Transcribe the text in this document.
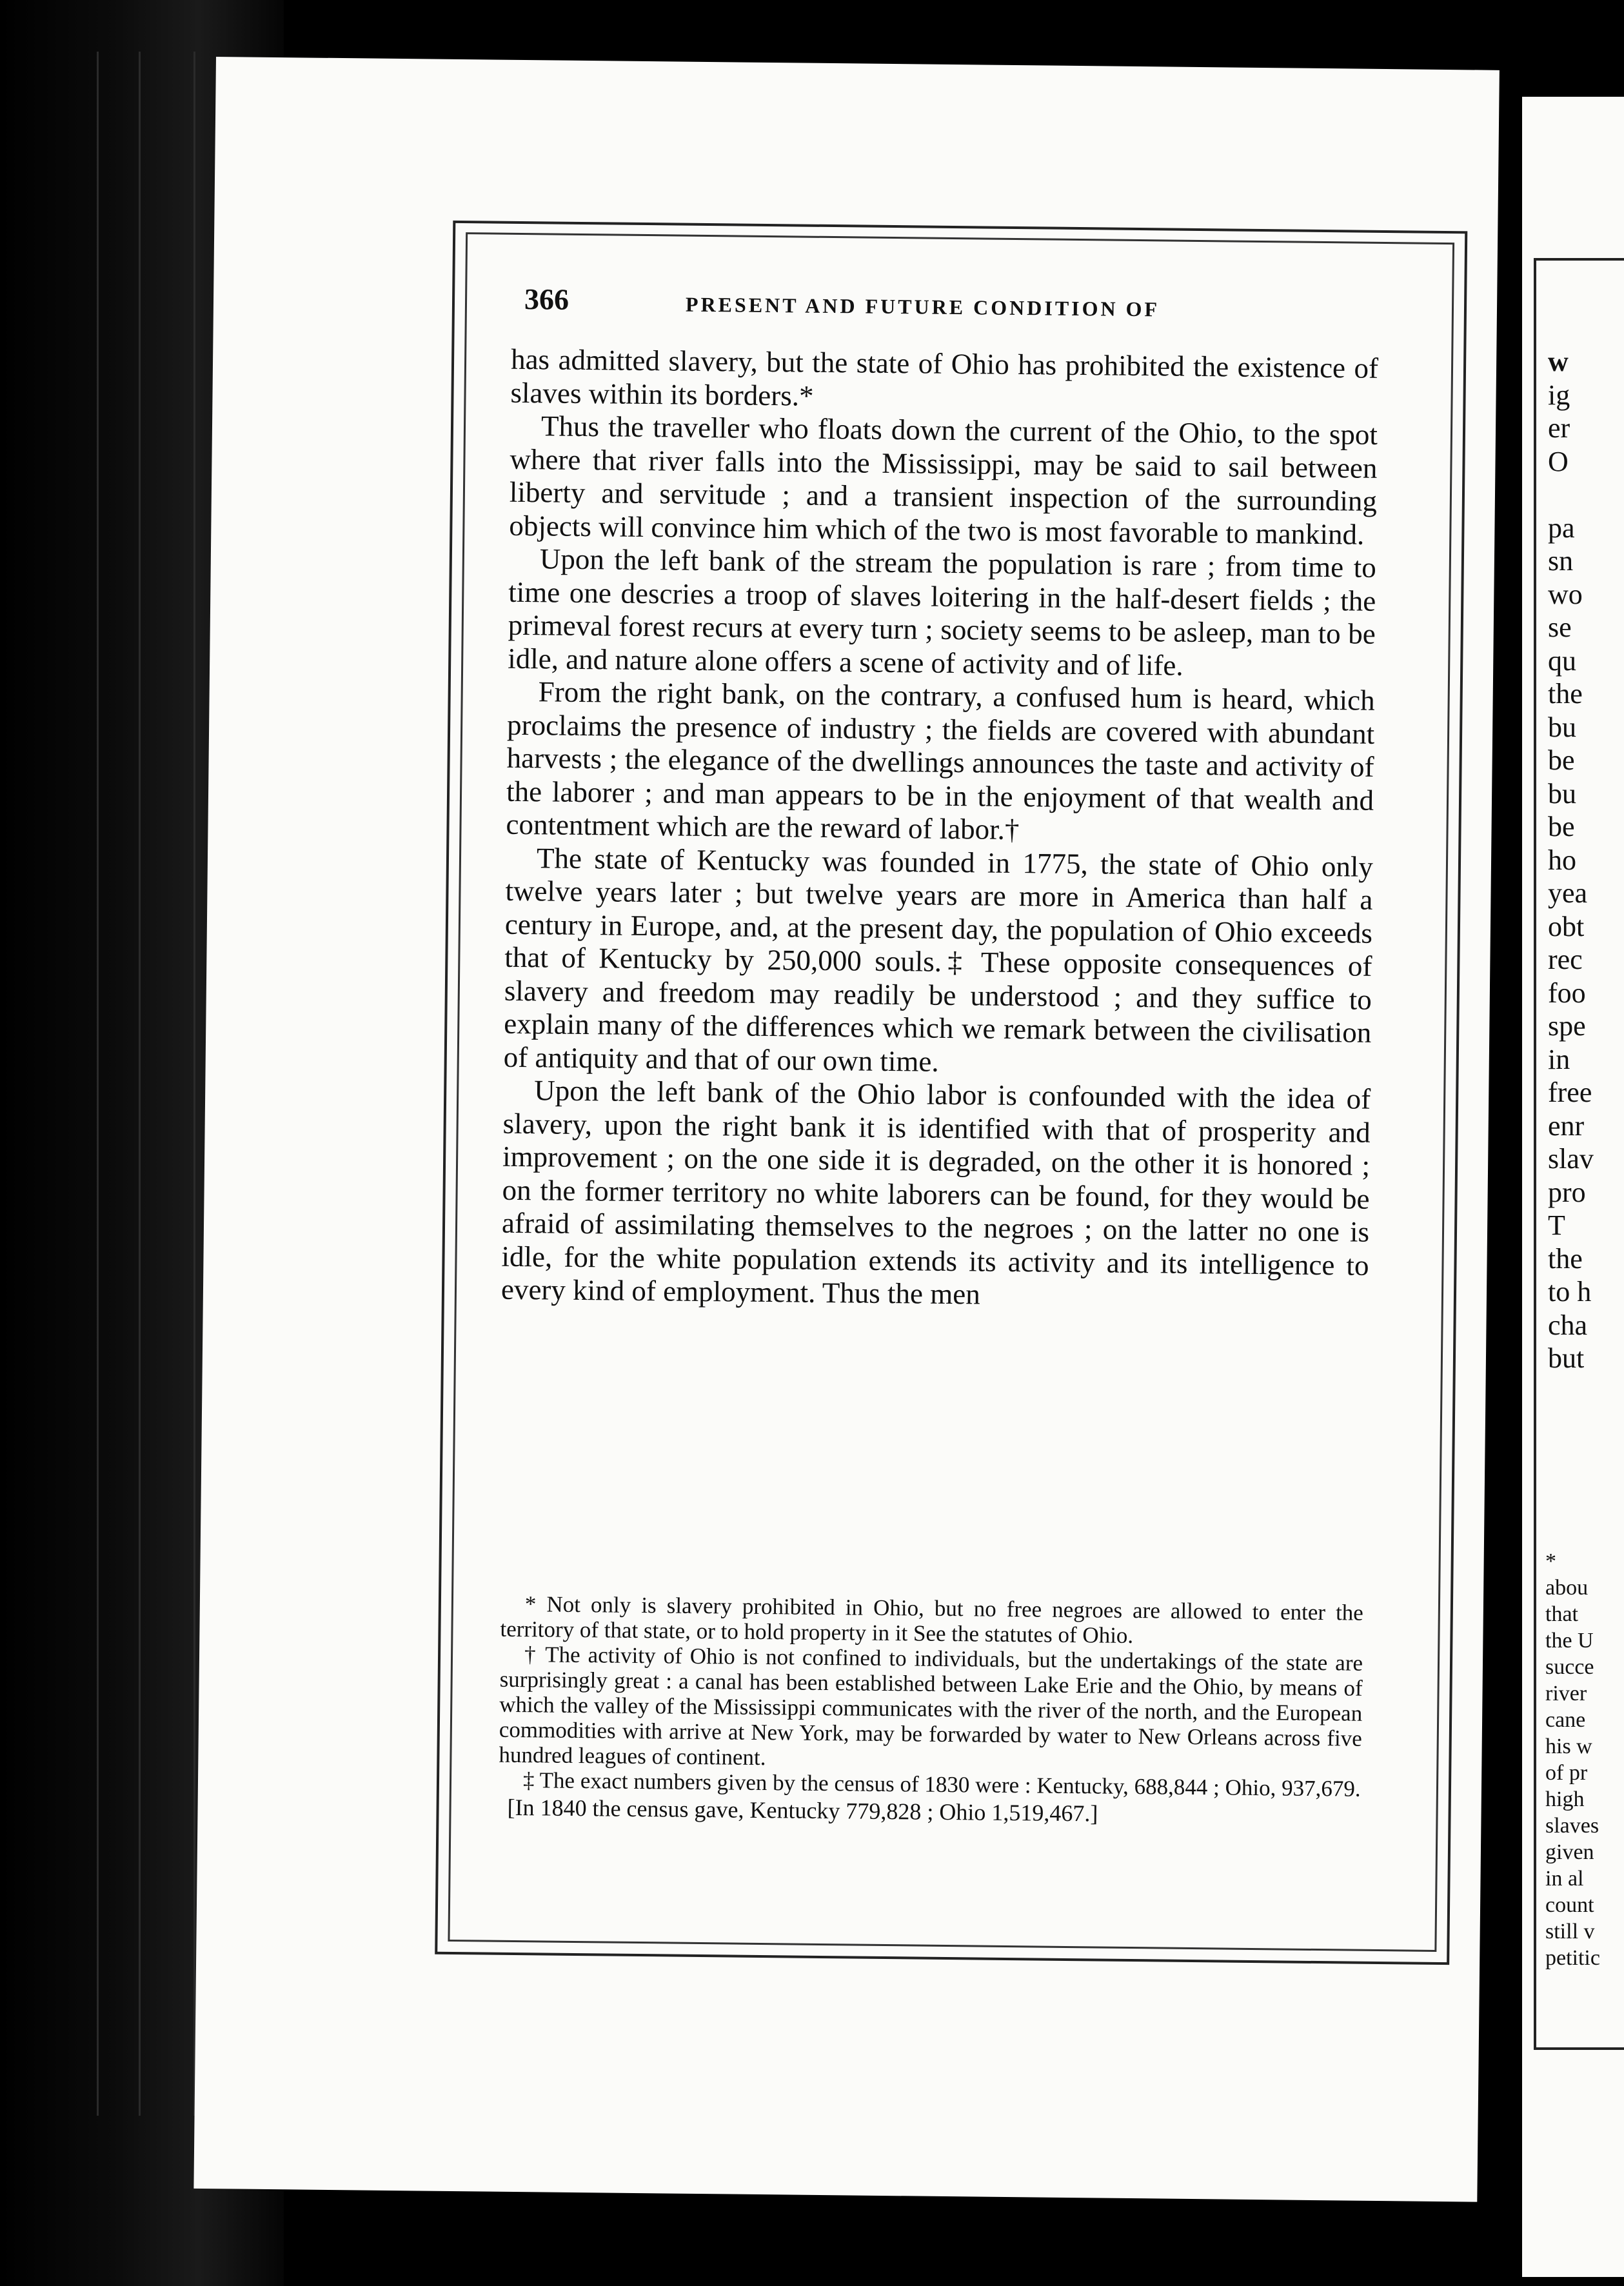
366	PRESENT AND FUTURE CONDITION OF

has admitted slavery, but the state of Ohio has prohibited the existence of slaves within its borders.*

Thus the traveller who floats down the current of the Ohio, to the spot where that river falls into the Mississippi, may be said to sail between liberty and servitude ; and a transient inspection of the surrounding objects will convince him which of the two is most favorable to mankind.

Upon the left bank of the stream the population is rare ; from time to time one descries a troop of slaves loitering in the half-desert fields ; the primeval forest recurs at every turn ; society seems to be asleep, man to be idle, and nature alone offers a scene of activity and of life.

From the right bank, on the contrary, a confused hum is heard, which proclaims the presence of industry ; the fields are covered with abundant harvests ; the elegance of the dwellings announces the taste and activity of the laborer ; and man appears to be in the enjoyment of that wealth and contentment which are the reward of labor.†

The state of Kentucky was founded in 1775, the state of Ohio only twelve years later ; but twelve years are more in America than half a century in Europe, and, at the present day, the population of Ohio exceeds that of Kentucky by 250,000 souls.‡ These opposite consequences of slavery and freedom may readily be understood ; and they suffice to explain many of the differences which we remark between the civilisation of antiquity and that of our own time.

Upon the left bank of the Ohio labor is confounded with the idea of slavery, upon the right bank it is identified with that of prosperity and improvement ; on the one side it is degraded, on the other it is honored ; on the former territory no white laborers can be found, for they would be afraid of assimilating themselves to the negroes ; on the latter no one is idle, for the white population extends its activity and its intelligence to every kind of employment. Thus the men

* Not only is slavery prohibited in Ohio, but no free negroes are allowed to enter the territory of that state, or to hold property in it See the statutes of Ohio.

† The activity of Ohio is not confined to individuals, but the undertakings of the state are surprisingly great : a canal has been established between Lake Erie and the Ohio, by means of which the valley of the Mississippi communicates with the river of the north, and the European commodities with arrive at New York, may be forwarded by water to New Orleans across five hundred leagues of continent.

‡ The exact numbers given by the census of 1830 were : Kentucky, 688,844 ; Ohio, 937,679.

[In 1840 the census gave, Kentucky 779,828 ; Ohio 1,519,467.]

w
ig
er
O
pa
sn
wo
se
qu
the
bu
be
bu
be
ho
yea
obt
rec
foo
spe
in
free
enr
slav
pro
T
the
to h
cha
but
*
abou
that
the U
succe
river
cane
his w
of pr
high
slaves
given
in al
count
still v
petitic
